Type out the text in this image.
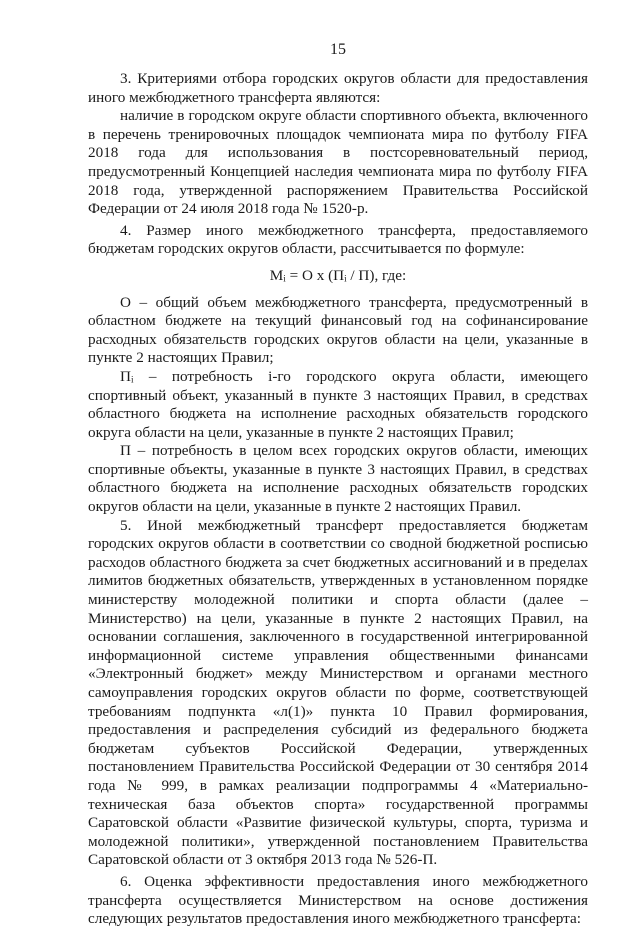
15

3. Критериями отбора городских округов области для предоставления иного межбюджетного трансферта являются:

наличие в городском округе области спортивного объекта, включенного в перечень тренировочных площадок чемпионата мира по футболу FIFA 2018 года для использования в постсоревновательный период, предусмотренный Концепцией наследия чемпионата мира по футболу FIFA 2018 года, утвержденной распоряжением Правительства Российской Федерации от 24 июля 2018 года № 1520-р.

4. Размер иного межбюджетного трансферта, предоставляемого бюджетам городских округов области, рассчитывается по формуле:

Mᵢ = O x (Пᵢ / П), где:

О – общий объем межбюджетного трансферта, предусмотренный в областном бюджете на текущий финансовый год на софинансирование расходных обязательств городских округов области на цели, указанные в пункте 2 настоящих Правил;

Пᵢ – потребность i-го городского округа области, имеющего спортивный объект, указанный в пункте 3 настоящих Правил, в средствах областного бюджета на исполнение расходных обязательств городского округа области на цели, указанные в пункте 2 настоящих Правил;

П – потребность в целом всех городских округов области, имеющих спортивные объекты, указанные в пункте 3 настоящих Правил, в средствах областного бюджета на исполнение расходных обязательств городских округов области на цели, указанные в пункте 2 настоящих Правил.

5. Иной межбюджетный трансферт предоставляется бюджетам городских округов области в соответствии со сводной бюджетной росписью расходов областного бюджета за счет бюджетных ассигнований и в пределах лимитов бюджетных обязательств, утвержденных в установленном порядке министерству молодежной политики и спорта области (далее – Министерство) на цели, указанные в пункте 2 настоящих Правил, на основании соглашения, заключенного в государственной интегрированной информационной системе управления общественными финансами «Электронный бюджет» между Министерством и органами местного самоуправления городских округов области по форме, соответствующей требованиям подпункта «л(1)» пункта 10 Правил формирования, предоставления и распределения субсидий из федерального бюджета бюджетам субъектов Российской Федерации, утвержденных постановлением Правительства Российской Федерации от 30 сентября 2014 года № 999, в рамках реализации подпрограммы 4 «Материально-техническая база объектов спорта» государственной программы Саратовской области «Развитие физической культуры, спорта, туризма и молодежной политики», утвержденной постановлением Правительства Саратовской области от 3 октября 2013 года № 526-П.

6. Оценка эффективности предоставления иного межбюджетного трансферта осуществляется Министерством на основе достижения следующих результатов предоставления иного межбюджетного трансферта:
